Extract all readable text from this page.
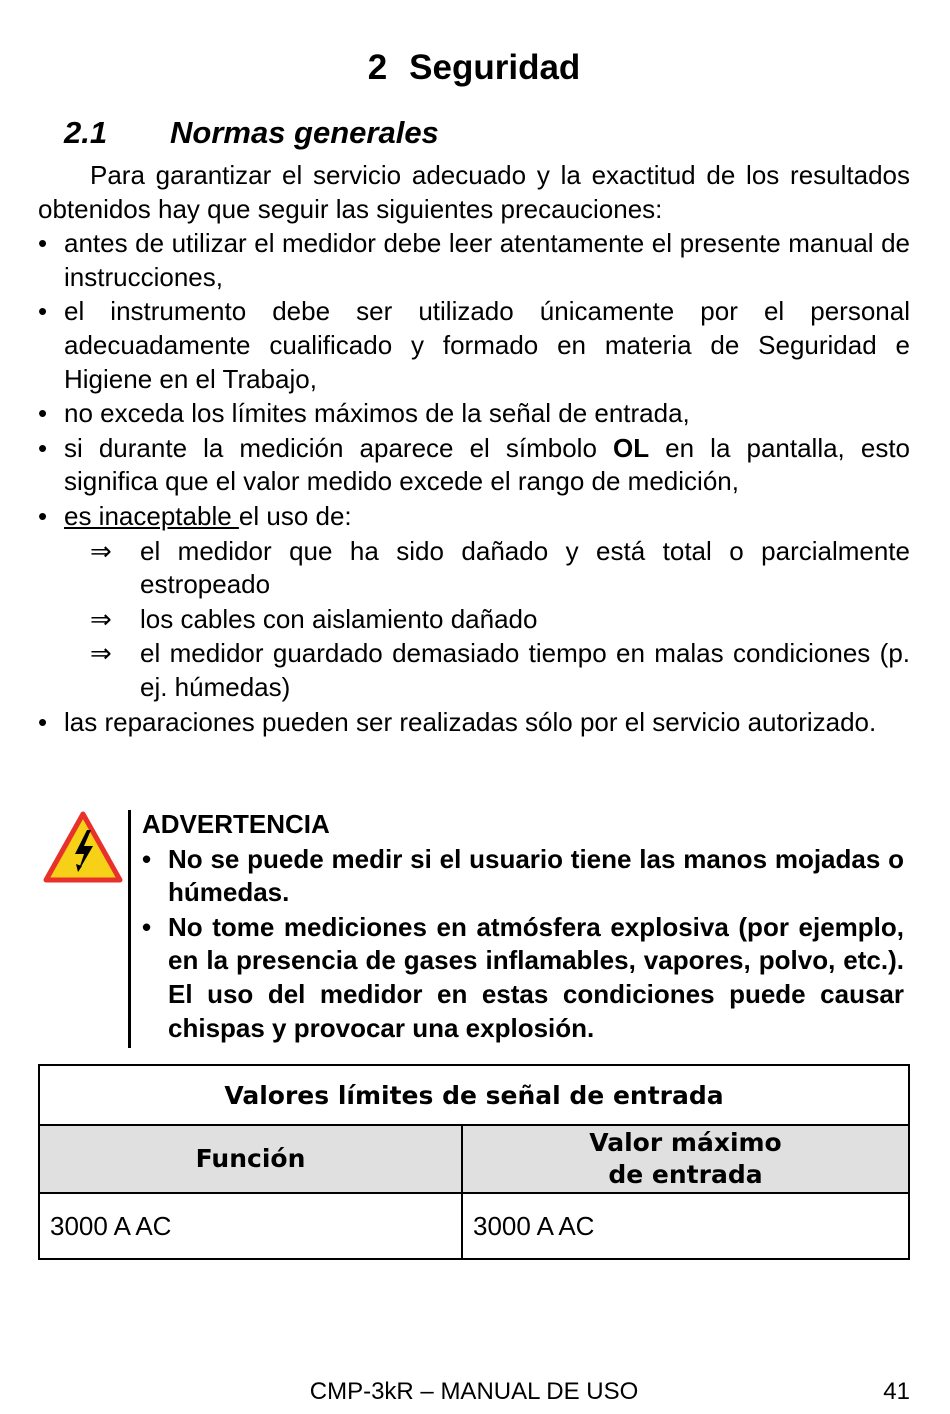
2 Seguridad
2.1 Normas generales

Para garantizar el servicio adecuado y la exactitud de los resultados obtenidos hay que seguir las siguientes precauciones:

• antes de utilizar el medidor debe leer atentamente el presente manual de instrucciones,
• el instrumento debe ser utilizado únicamente por el personal adecuadamente cualificado y formado en materia de Seguridad e Higiene en el Trabajo,
• no exceda los límites máximos de la señal de entrada,
• si durante la medición aparece el símbolo OL en la pantalla, esto significa que el valor medido excede el rango de medición,
• es inaceptable el uso de:
⇒ el medidor que ha sido dañado y está total o parcialmente estropeado
⇒ los cables con aislamiento dañado
⇒ el medidor guardado demasiado tiempo en malas condiciones (p. ej. húmedas)
• las reparaciones pueden ser realizadas sólo por el servicio autorizado.

ADVERTENCIA

• No se puede medir si el usuario tiene las manos mojadas o húmedas.
• No tome mediciones en atmósfera explosiva (por ejemplo, en la presencia de gases inflamables, vapores, polvo, etc.). El uso del medidor en estas condiciones puede causar chispas y provocar una explosión.
Valores límites de señal de entrada	
Función	Valor máximo
de entrada
3000 A AC	3000 A AC
CMP-3kR – MANUAL DE USO	41
